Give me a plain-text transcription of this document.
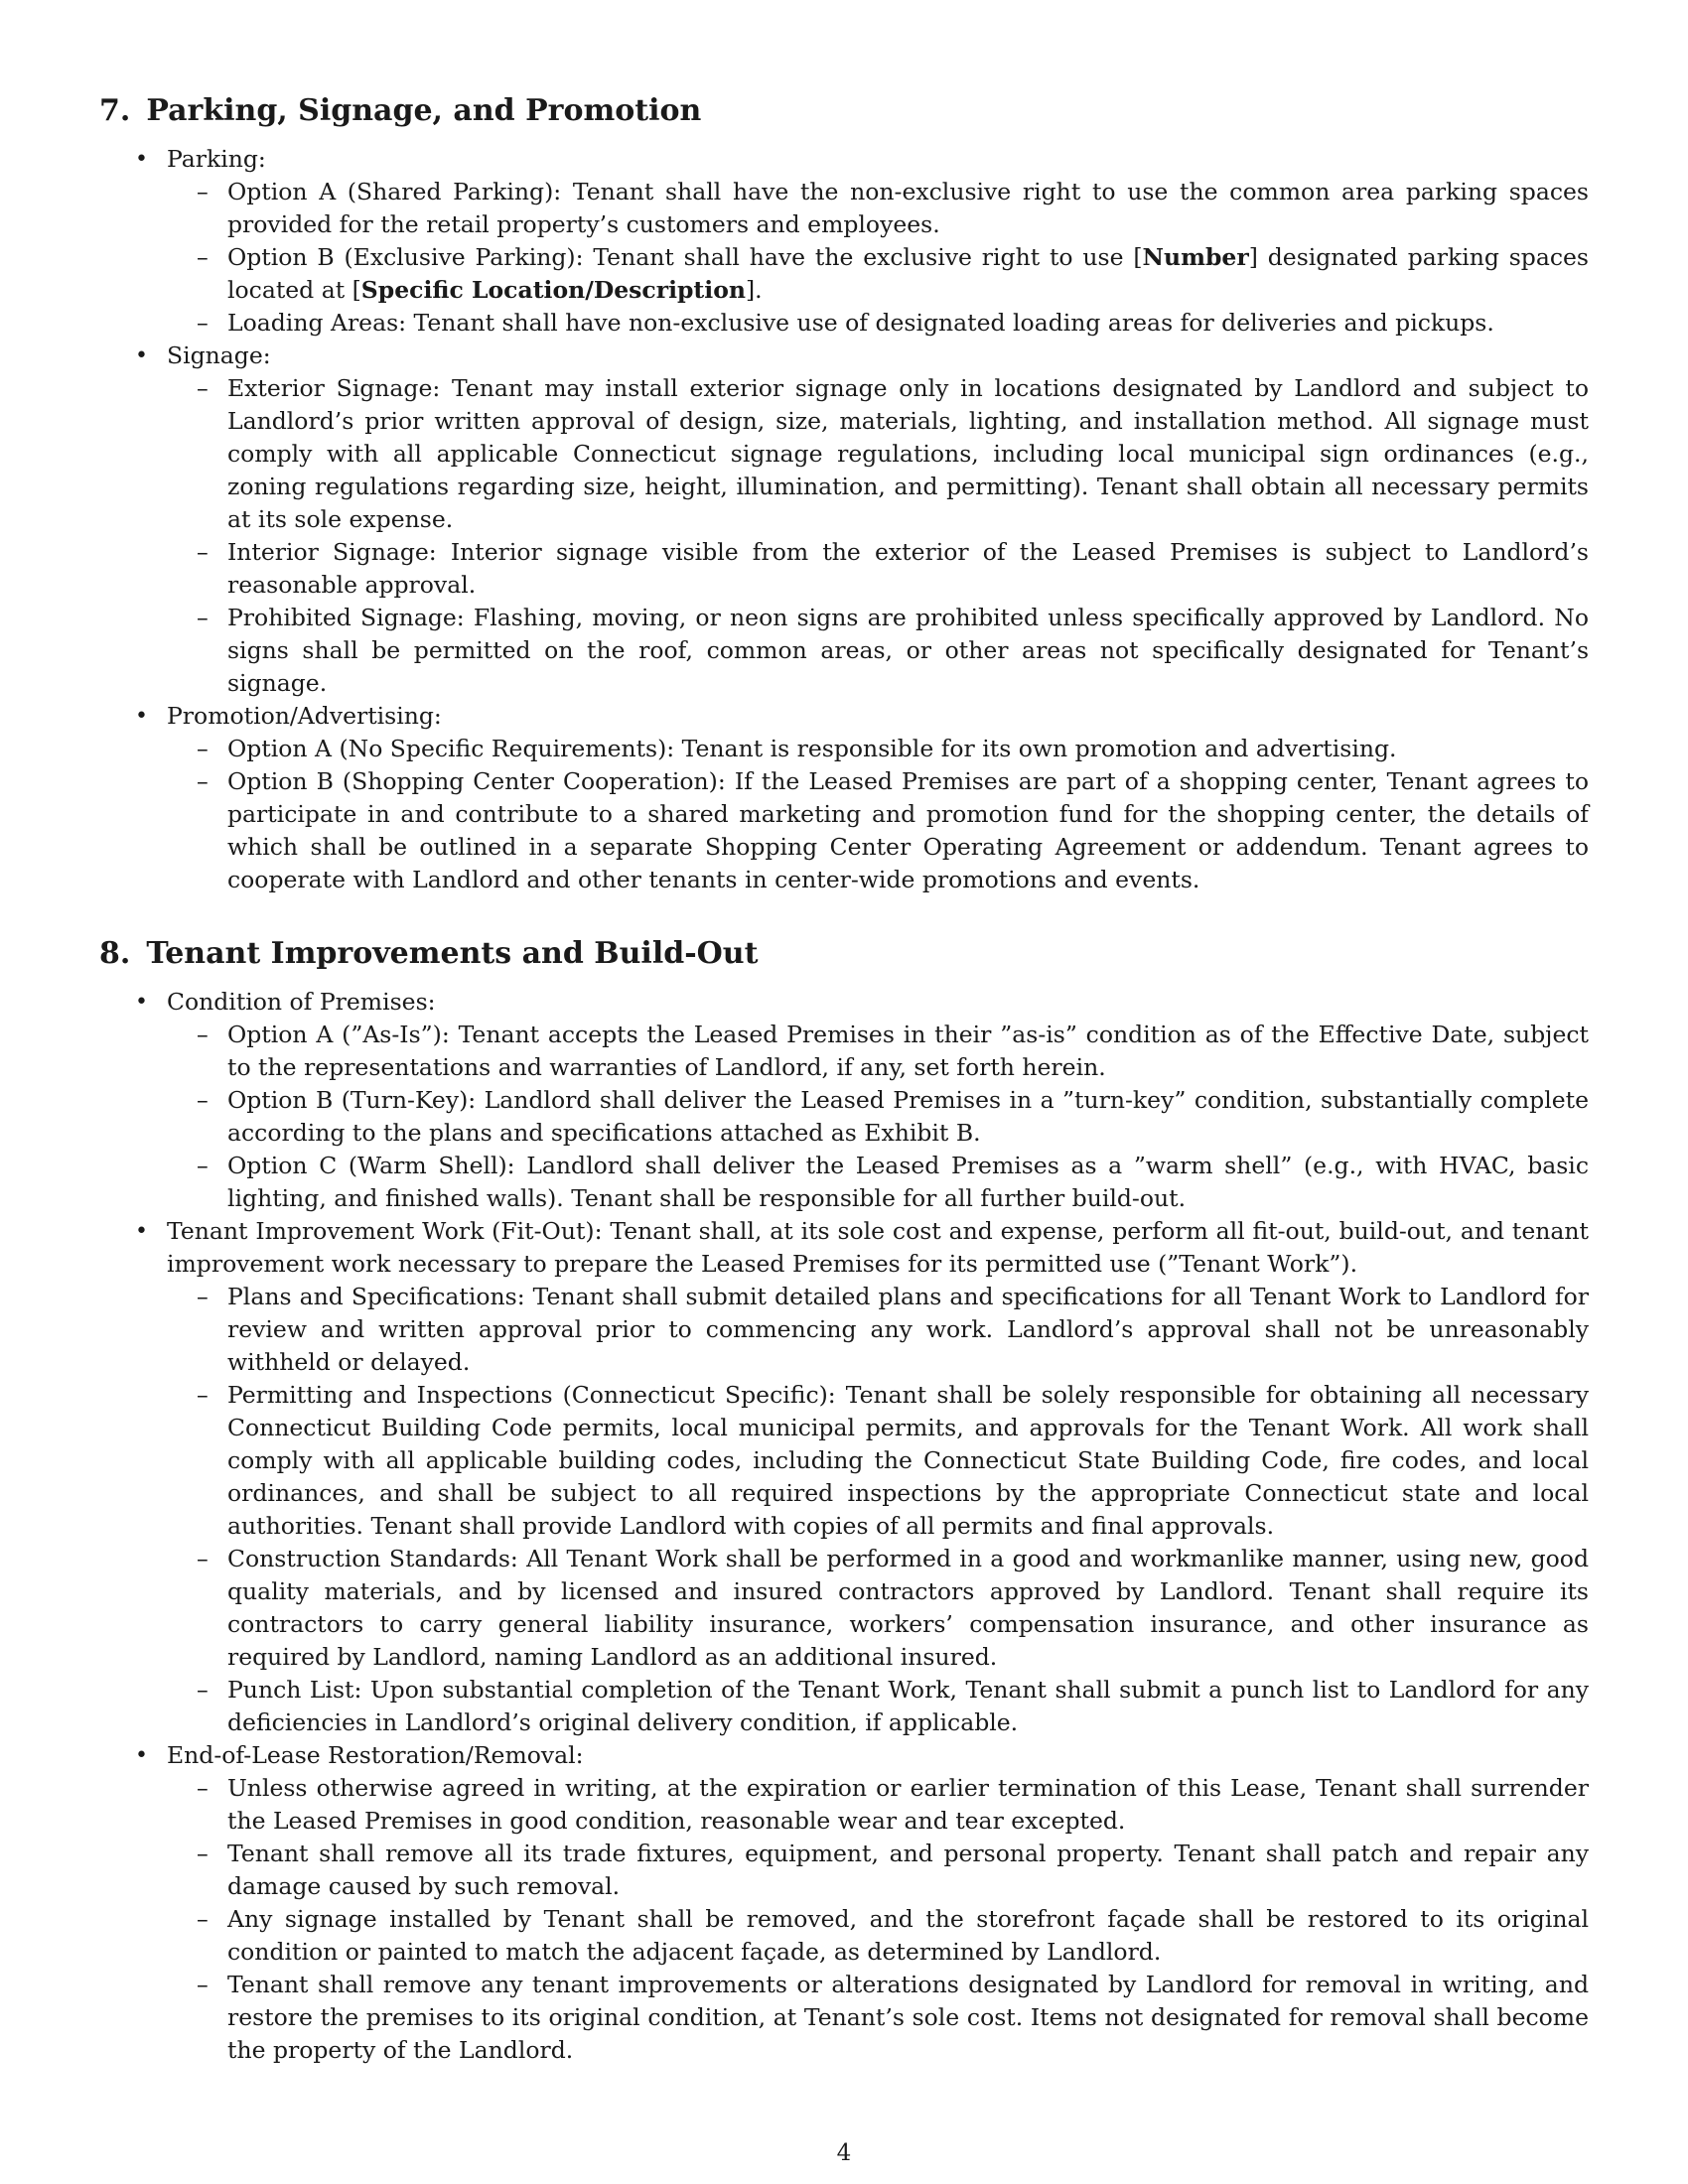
7. Parking, Signage, and Promotion
• Parking:
– Option A (Shared Parking): Tenant shall have the non-exclusive right to use the common area parking spaces provided for the retail property’s customers and employees.
– Option B (Exclusive Parking): Tenant shall have the exclusive right to use [Number] designated parking spaces located at [Specific Location/Description].
– Loading Areas: Tenant shall have non-exclusive use of designated loading areas for deliveries and pickups.
• Signage:
– Exterior Signage: Tenant may install exterior signage only in locations designated by Landlord and subject to Landlord’s prior written approval of design, size, materials, lighting, and installation method. All signage must comply with all applicable Connecticut signage regulations, including local municipal sign ordinances (e.g., zoning regulations regarding size, height, illumination, and permitting). Tenant shall obtain all necessary permits at its sole expense.
– Interior Signage: Interior signage visible from the exterior of the Leased Premises is subject to Landlord’s reasonable approval.
– Prohibited Signage: Flashing, moving, or neon signs are prohibited unless specifically approved by Landlord. No signs shall be permitted on the roof, common areas, or other areas not specifically designated for Tenant’s signage.
• Promotion/Advertising:
– Option A (No Specific Requirements): Tenant is responsible for its own promotion and advertising.
– Option B (Shopping Center Cooperation): If the Leased Premises are part of a shopping center, Tenant agrees to participate in and contribute to a shared marketing and promotion fund for the shopping center, the details of which shall be outlined in a separate Shopping Center Operating Agreement or addendum. Tenant agrees to cooperate with Landlord and other tenants in center-wide promotions and events.
8. Tenant Improvements and Build-Out
• Condition of Premises:
– Option A (”As-Is”): Tenant accepts the Leased Premises in their ”as-is” condition as of the Effective Date, subject to the representations and warranties of Landlord, if any, set forth herein.
– Option B (Turn-Key): Landlord shall deliver the Leased Premises in a ”turn-key” condition, substantially complete according to the plans and specifications attached as Exhibit B.
– Option C (Warm Shell): Landlord shall deliver the Leased Premises as a ”warm shell” (e.g., with HVAC, basic lighting, and finished walls). Tenant shall be responsible for all further build-out.
• Tenant Improvement Work (Fit-Out): Tenant shall, at its sole cost and expense, perform all fit-out, build-out, and tenant improvement work necessary to prepare the Leased Premises for its permitted use (”Tenant Work”).
– Plans and Specifications: Tenant shall submit detailed plans and specifications for all Tenant Work to Landlord for review and written approval prior to commencing any work. Landlord’s approval shall not be unreasonably withheld or delayed.
– Permitting and Inspections (Connecticut Specific): Tenant shall be solely responsible for obtaining all necessary Connecticut Building Code permits, local municipal permits, and approvals for the Tenant Work. All work shall comply with all applicable building codes, including the Connecticut State Building Code, fire codes, and local ordinances, and shall be subject to all required inspections by the appropriate Connecticut state and local authorities. Tenant shall provide Landlord with copies of all permits and final approvals.
– Construction Standards: All Tenant Work shall be performed in a good and workmanlike manner, using new, good quality materials, and by licensed and insured contractors approved by Landlord. Tenant shall require its contractors to carry general liability insurance, workers’ compensation insurance, and other insurance as required by Landlord, naming Landlord as an additional insured.
– Punch List: Upon substantial completion of the Tenant Work, Tenant shall submit a punch list to Landlord for any deficiencies in Landlord’s original delivery condition, if applicable.
• End-of-Lease Restoration/Removal:
– Unless otherwise agreed in writing, at the expiration or earlier termination of this Lease, Tenant shall surrender the Leased Premises in good condition, reasonable wear and tear excepted.
– Tenant shall remove all its trade fixtures, equipment, and personal property. Tenant shall patch and repair any damage caused by such removal.
– Any signage installed by Tenant shall be removed, and the storefront façade shall be restored to its original condition or painted to match the adjacent façade, as determined by Landlord.
– Tenant shall remove any tenant improvements or alterations designated by Landlord for removal in writing, and restore the premises to its original condition, at Tenant’s sole cost. Items not designated for removal shall become the property of the Landlord.
4
